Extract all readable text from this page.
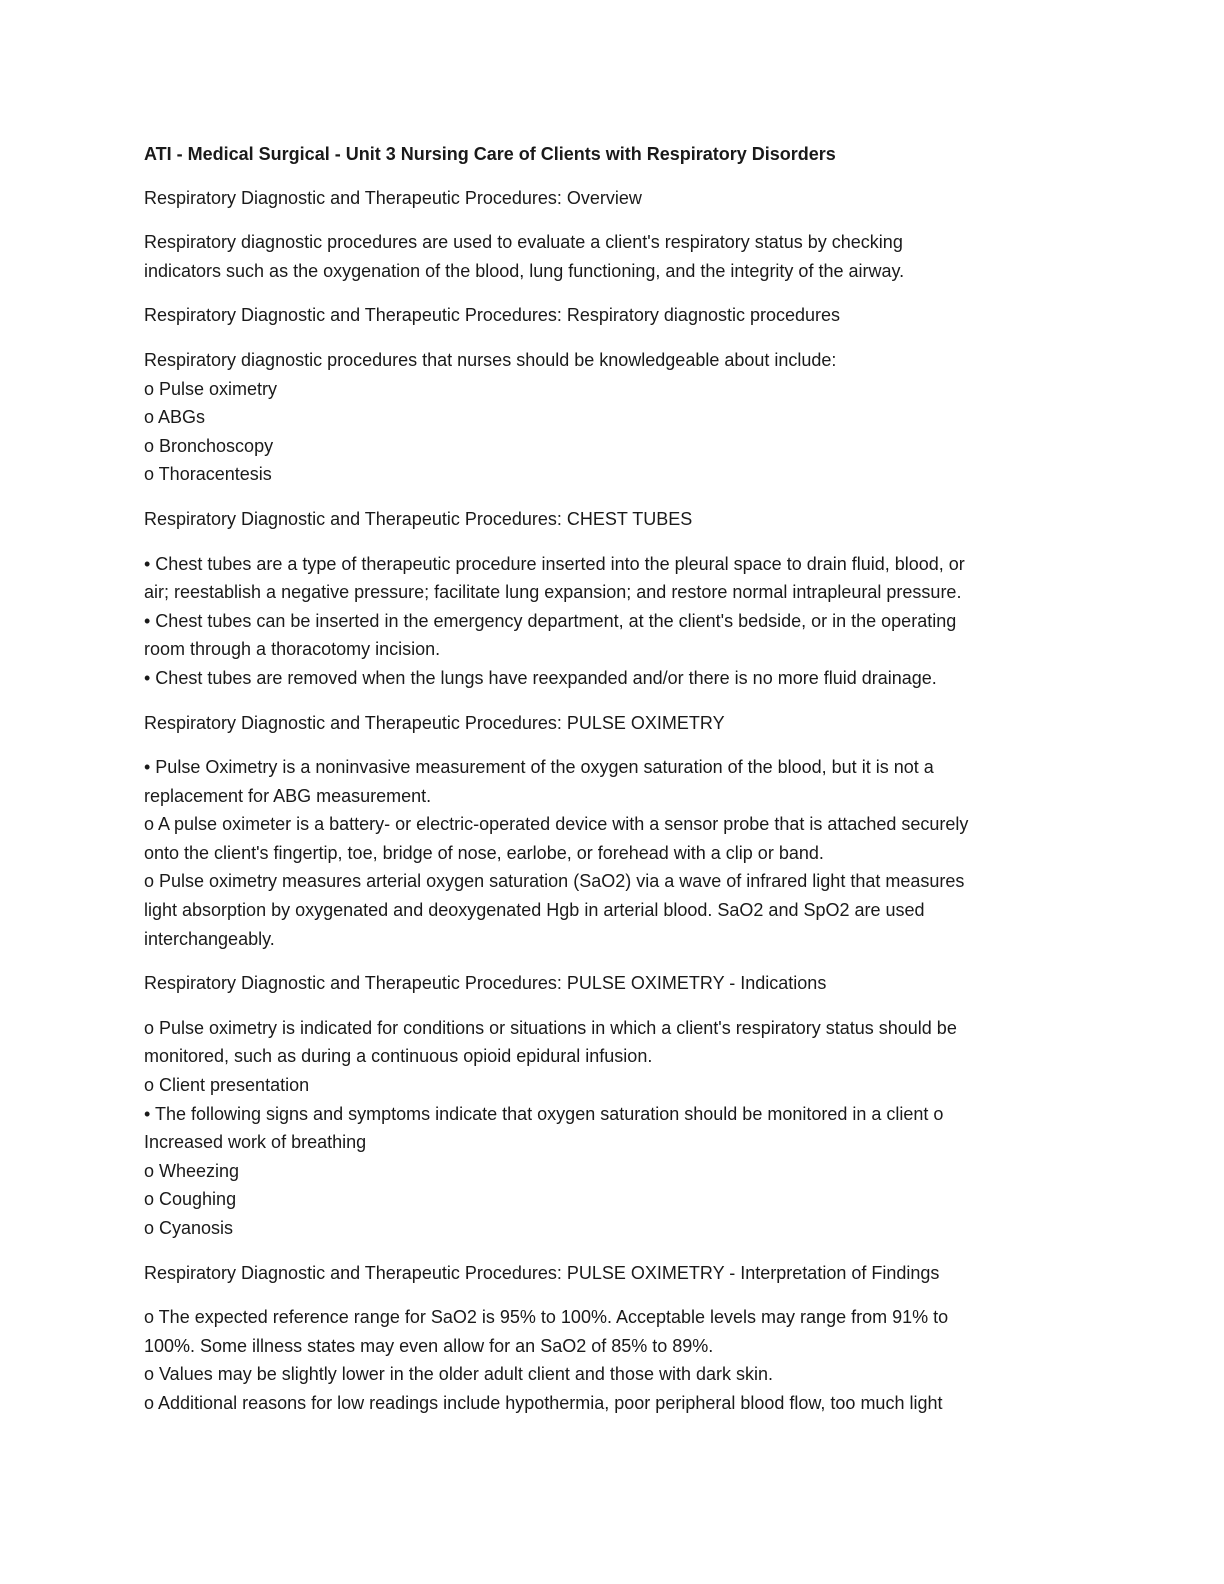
ATI - Medical Surgical - Unit 3 Nursing Care of Clients with Respiratory Disorders
Respiratory Diagnostic and Therapeutic Procedures: Overview
Respiratory diagnostic procedures are used to evaluate a client's respiratory status by checking
indicators such as the oxygenation of the blood, lung functioning, and the integrity of the airway.
Respiratory Diagnostic and Therapeutic Procedures: Respiratory diagnostic procedures
Respiratory diagnostic procedures that nurses should be knowledgeable about include:
o Pulse oximetry
o ABGs
o Bronchoscopy
o Thoracentesis
Respiratory Diagnostic and Therapeutic Procedures: CHEST TUBES
• Chest tubes are a type of therapeutic procedure inserted into the pleural space to drain fluid, blood, or
air; reestablish a negative pressure; facilitate lung expansion; and restore normal intrapleural pressure.
• Chest tubes can be inserted in the emergency department, at the client's bedside, or in the operating
room through a thoracotomy incision.
• Chest tubes are removed when the lungs have reexpanded and/or there is no more fluid drainage.
Respiratory Diagnostic and Therapeutic Procedures: PULSE OXIMETRY
• Pulse Oximetry is a noninvasive measurement of the oxygen saturation of the blood, but it is not a
replacement for ABG measurement.
o A pulse oximeter is a battery- or electric-operated device with a sensor probe that is attached securely
onto the client's fingertip, toe, bridge of nose, earlobe, or forehead with a clip or band.
o Pulse oximetry measures arterial oxygen saturation (SaO2) via a wave of infrared light that measures
light absorption by oxygenated and deoxygenated Hgb in arterial blood. SaO2 and SpO2 are used
interchangeably.
Respiratory Diagnostic and Therapeutic Procedures: PULSE OXIMETRY - Indications
o Pulse oximetry is indicated for conditions or situations in which a client's respiratory status should be
monitored, such as during a continuous opioid epidural infusion.
o Client presentation
• The following signs and symptoms indicate that oxygen saturation should be monitored in a client o
Increased work of breathing
o Wheezing
o Coughing
o Cyanosis
Respiratory Diagnostic and Therapeutic Procedures: PULSE OXIMETRY - Interpretation of Findings
o The expected reference range for SaO2 is 95% to 100%. Acceptable levels may range from 91% to
100%. Some illness states may even allow for an SaO2 of 85% to 89%.
o Values may be slightly lower in the older adult client and those with dark skin.
o Additional reasons for low readings include hypothermia, poor peripheral blood flow, too much light
